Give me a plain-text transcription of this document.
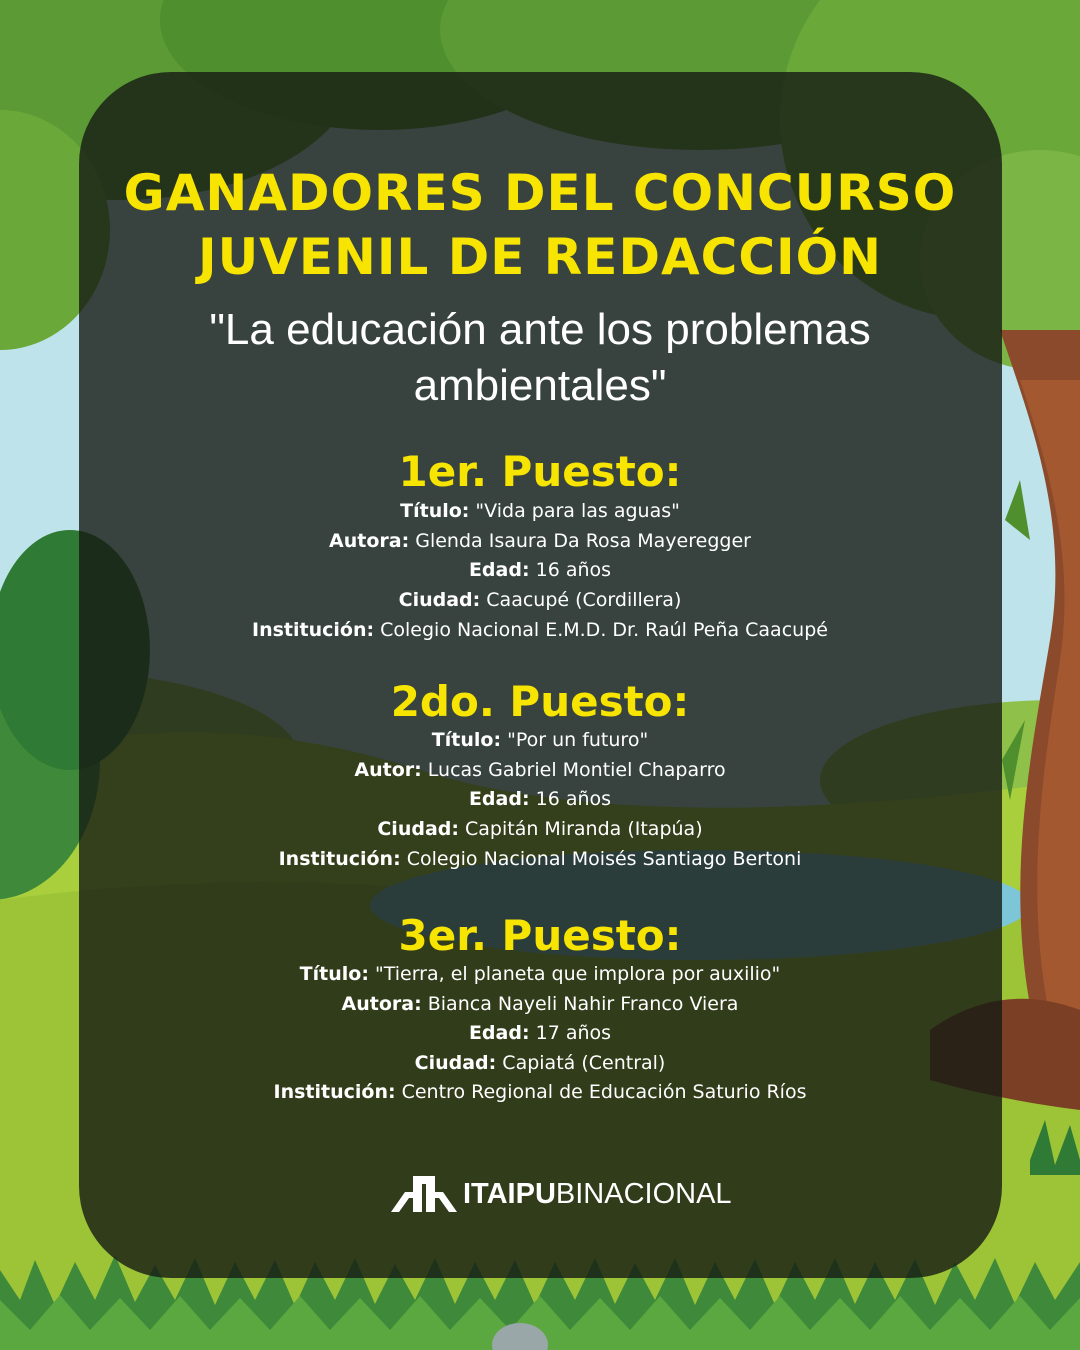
GANADORES DEL CONCURSO
JUVENIL DE REDACCIÓN
"La educación ante los problemas
ambientales"
1er. Puesto:
Título: "Vida para las aguas"
Autora: Glenda Isaura Da Rosa Mayeregger
Edad: 16 años
Ciudad: Caacupé (Cordillera)
Institución: Colegio Nacional E.M.D. Dr. Raúl Peña Caacupé
2do. Puesto:
Título: "Por un futuro"
Autor: Lucas Gabriel Montiel Chaparro
Edad: 16 años
Ciudad: Capitán Miranda (Itapúa)
Institución: Colegio Nacional Moisés Santiago Bertoni
3er. Puesto:
Título: "Tierra, el planeta que implora por auxilio"
Autora: Bianca Nayeli Nahir Franco Viera
Edad: 17 años
Ciudad: Capiatá (Central)
Institución: Centro Regional de Educación Saturio Ríos
ITAIPUBINACIONAL
